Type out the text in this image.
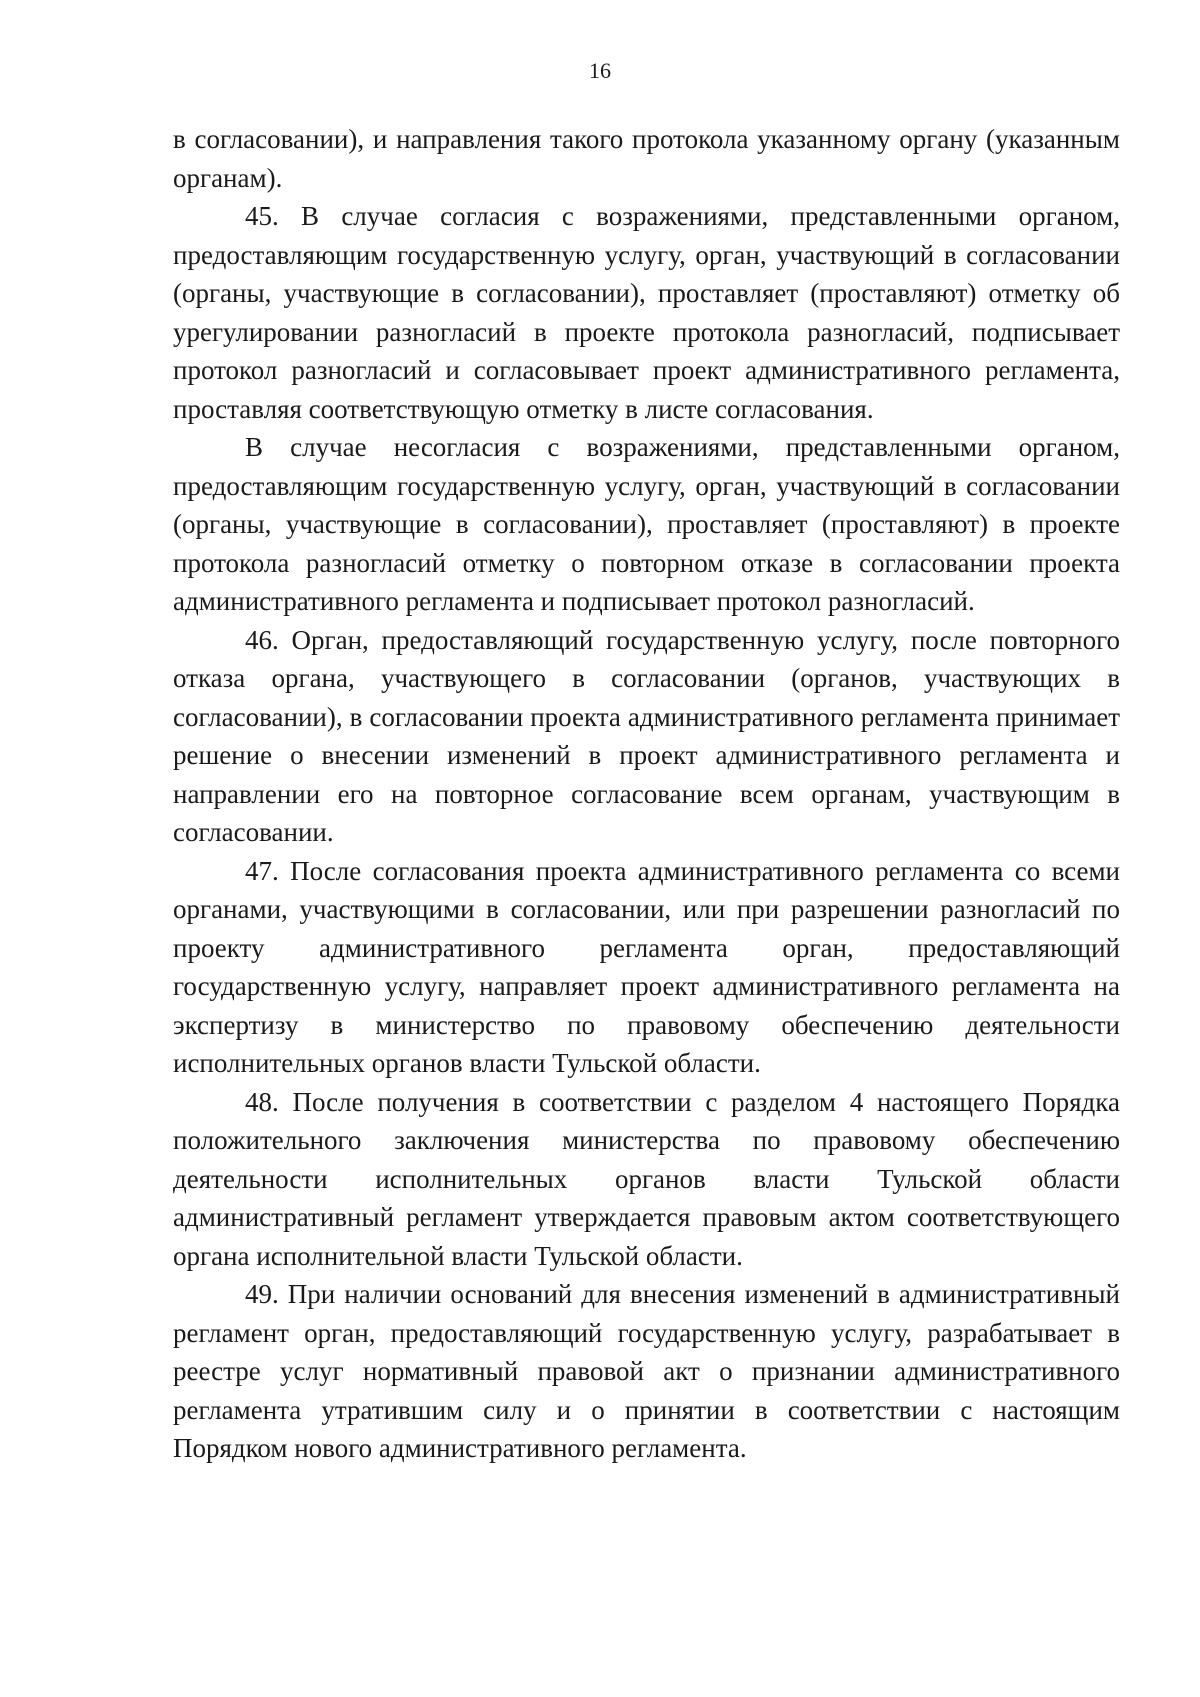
16

в согласовании), и направления такого протокола указанному органу (указанным органам).

45. В случае согласия с возражениями, представленными органом, предоставляющим государственную услугу, орган, участвующий в согласовании (органы, участвующие в согласовании), проставляет (проставляют) отметку об урегулировании разногласий в проекте протокола разногласий, подписывает протокол разногласий и согласовывает проект административного регламента, проставляя соответствующую отметку в листе согласования.

В случае несогласия с возражениями, представленными органом, предоставляющим государственную услугу, орган, участвующий в согласовании (органы, участвующие в согласовании), проставляет (проставляют) в проекте протокола разногласий отметку о повторном отказе в согласовании проекта административного регламента и подписывает протокол разногласий.

46. Орган, предоставляющий государственную услугу, после повторного отказа органа, участвующего в согласовании (органов, участвующих в согласовании), в согласовании проекта административного регламента принимает решение о внесении изменений в проект административного регламента и направлении его на повторное согласование всем органам, участвующим в согласовании.

47. После согласования проекта административного регламента со всеми органами, участвующими в согласовании, или при разрешении разногласий по проекту административного регламента орган, предоставляющий государственную услугу, направляет проект административного регламента на экспертизу в министерство по правовому обеспечению деятельности исполнительных органов власти Тульской области.

48. После получения в соответствии с разделом 4 настоящего Порядка положительного заключения министерства по правовому обеспечению деятельности исполнительных органов власти Тульской области административный регламент утверждается правовым актом соответствующего органа исполнительной власти Тульской области.

49. При наличии оснований для внесения изменений в административный регламент орган, предоставляющий государственную услугу, разрабатывает в реестре услуг нормативный правовой акт о признании административного регламента утратившим силу и о принятии в соответствии с настоящим Порядком нового административного регламента.
